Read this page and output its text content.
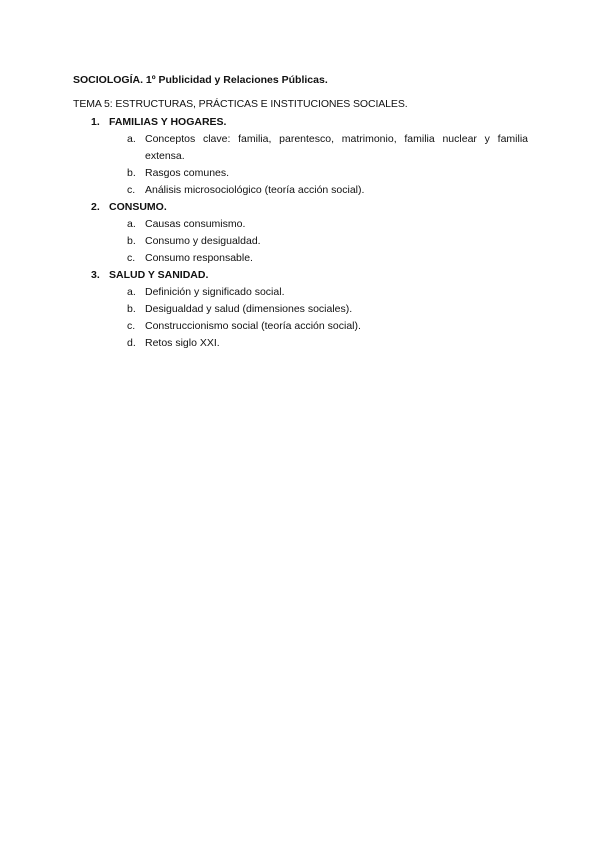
SOCIOLOGÍA. 1º Publicidad y Relaciones Públicas.
TEMA 5: ESTRUCTURAS, PRÁCTICAS E INSTITUCIONES SOCIALES.
1. FAMILIAS Y HOGARES.
a. Conceptos clave: familia, parentesco, matrimonio, familia nuclear y familia extensa.
b. Rasgos comunes.
c. Análisis microsociológico (teoría acción social).
2. CONSUMO.
a. Causas consumismo.
b. Consumo y desigualdad.
c. Consumo responsable.
3. SALUD Y SANIDAD.
a. Definición y significado social.
b. Desigualdad y salud (dimensiones sociales).
c. Construccionismo social (teoría acción social).
d. Retos siglo XXI.
